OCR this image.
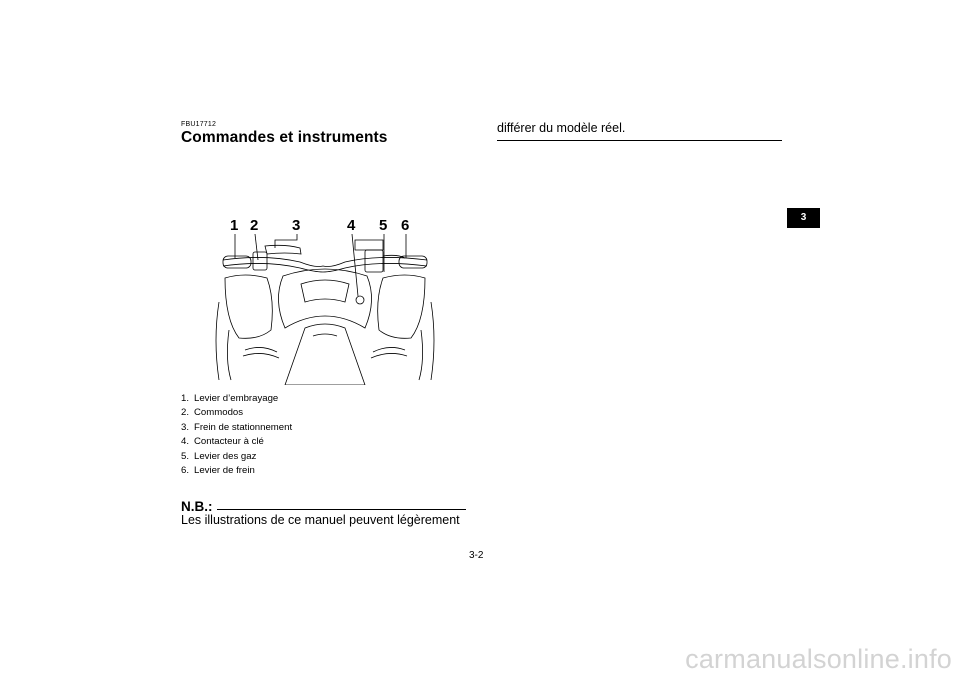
FBU17712
Commandes et instruments
1 2 3	4 5 6
1. Levier d’embrayage
2. Commodos
3. Frein de stationnement
4. Contacteur à clé
5. Levier des gaz
6. Levier de frein
N.B.:
Les illustrations de ce manuel peuvent légèrement
différer du modèle réel.
3-2
3
carmanualsonline.info
